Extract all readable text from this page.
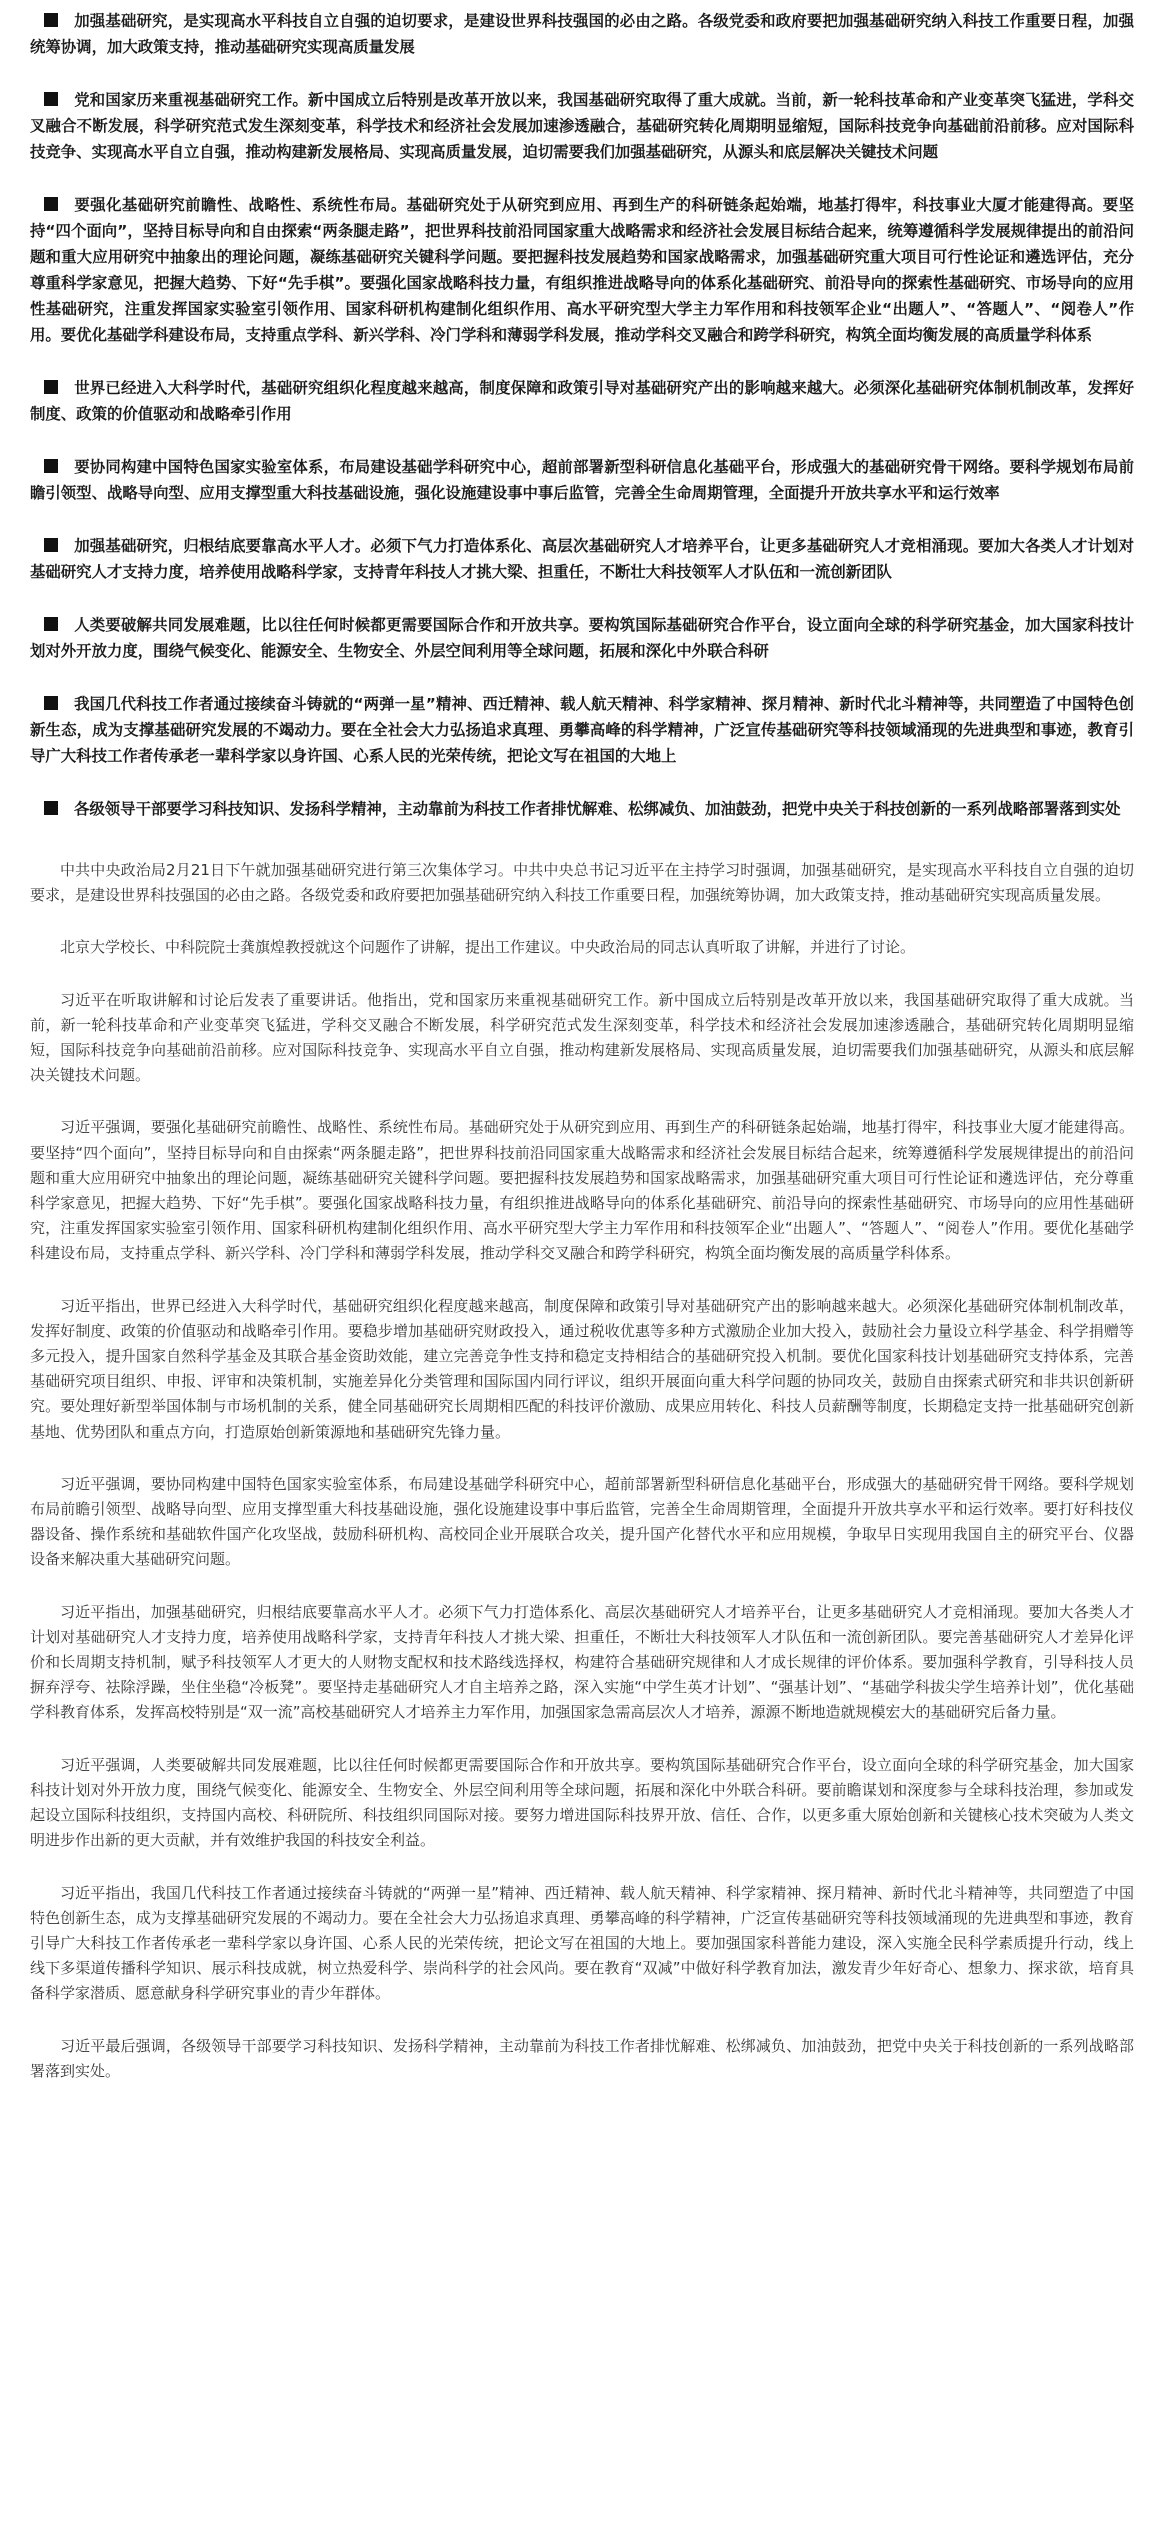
加强基础研究，是实现高水平科技自立自强的迫切要求，是建设世界科技强国的必由之路。各级党委和政府要把加强基础研究纳入科技工作重要日程，加强统筹协调，加大政策支持，推动基础研究实现高质量发展

党和国家历来重视基础研究工作。新中国成立后特别是改革开放以来，我国基础研究取得了重大成就。当前，新一轮科技革命和产业变革突飞猛进，学科交叉融合不断发展，科学研究范式发生深刻变革，科学技术和经济社会发展加速渗透融合，基础研究转化周期明显缩短，国际科技竞争向基础前沿前移。应对国际科技竞争、实现高水平自立自强，推动构建新发展格局、实现高质量发展，迫切需要我们加强基础研究，从源头和底层解决关键技术问题

要强化基础研究前瞻性、战略性、系统性布局。基础研究处于从研究到应用、再到生产的科研链条起始端，地基打得牢，科技事业大厦才能建得高。要坚持“四个面向”，坚持目标导向和自由探索“两条腿走路”，把世界科技前沿同国家重大战略需求和经济社会发展目标结合起来，统筹遵循科学发展规律提出的前沿问题和重大应用研究中抽象出的理论问题，凝练基础研究关键科学问题。要把握科技发展趋势和国家战略需求，加强基础研究重大项目可行性论证和遴选评估，充分尊重科学家意见，把握大趋势、下好“先手棋”。要强化国家战略科技力量，有组织推进战略导向的体系化基础研究、前沿导向的探索性基础研究、市场导向的应用性基础研究，注重发挥国家实验室引领作用、国家科研机构建制化组织作用、高水平研究型大学主力军作用和科技领军企业“出题人”、“答题人”、“阅卷人”作用。要优化基础学科建设布局，支持重点学科、新兴学科、冷门学科和薄弱学科发展，推动学科交叉融合和跨学科研究，构筑全面均衡发展的高质量学科体系

世界已经进入大科学时代，基础研究组织化程度越来越高，制度保障和政策引导对基础研究产出的影响越来越大。必须深化基础研究体制机制改革，发挥好制度、政策的价值驱动和战略牵引作用

要协同构建中国特色国家实验室体系，布局建设基础学科研究中心，超前部署新型科研信息化基础平台，形成强大的基础研究骨干网络。要科学规划布局前瞻引领型、战略导向型、应用支撑型重大科技基础设施，强化设施建设事中事后监管，完善全生命周期管理，全面提升开放共享水平和运行效率

加强基础研究，归根结底要靠高水平人才。必须下气力打造体系化、高层次基础研究人才培养平台，让更多基础研究人才竞相涌现。要加大各类人才计划对基础研究人才支持力度，培养使用战略科学家，支持青年科技人才挑大梁、担重任，不断壮大科技领军人才队伍和一流创新团队

人类要破解共同发展难题，比以往任何时候都更需要国际合作和开放共享。要构筑国际基础研究合作平台，设立面向全球的科学研究基金，加大国家科技计划对外开放力度，围绕气候变化、能源安全、生物安全、外层空间利用等全球问题，拓展和深化中外联合科研

我国几代科技工作者通过接续奋斗铸就的“两弹一星”精神、西迁精神、载人航天精神、科学家精神、探月精神、新时代北斗精神等，共同塑造了中国特色创新生态，成为支撑基础研究发展的不竭动力。要在全社会大力弘扬追求真理、勇攀高峰的科学精神，广泛宣传基础研究等科技领域涌现的先进典型和事迹，教育引导广大科技工作者传承老一辈科学家以身许国、心系人民的光荣传统，把论文写在祖国的大地上

各级领导干部要学习科技知识、发扬科学精神，主动靠前为科技工作者排忧解难、松绑减负、加油鼓劲，把党中央关于科技创新的一系列战略部署落到实处

中共中央政治局2月21日下午就加强基础研究进行第三次集体学习。中共中央总书记习近平在主持学习时强调，加强基础研究，是实现高水平科技自立自强的迫切要求，是建设世界科技强国的必由之路。各级党委和政府要把加强基础研究纳入科技工作重要日程，加强统筹协调，加大政策支持，推动基础研究实现高质量发展。

北京大学校长、中科院院士龚旗煌教授就这个问题作了讲解，提出工作建议。中央政治局的同志认真听取了讲解，并进行了讨论。

习近平在听取讲解和讨论后发表了重要讲话。他指出，党和国家历来重视基础研究工作。新中国成立后特别是改革开放以来，我国基础研究取得了重大成就。当前，新一轮科技革命和产业变革突飞猛进，学科交叉融合不断发展，科学研究范式发生深刻变革，科学技术和经济社会发展加速渗透融合，基础研究转化周期明显缩短，国际科技竞争向基础前沿前移。应对国际科技竞争、实现高水平自立自强，推动构建新发展格局、实现高质量发展，迫切需要我们加强基础研究，从源头和底层解决关键技术问题。

习近平强调，要强化基础研究前瞻性、战略性、系统性布局。基础研究处于从研究到应用、再到生产的科研链条起始端，地基打得牢，科技事业大厦才能建得高。要坚持“四个面向”，坚持目标导向和自由探索“两条腿走路”，把世界科技前沿同国家重大战略需求和经济社会发展目标结合起来，统筹遵循科学发展规律提出的前沿问题和重大应用研究中抽象出的理论问题，凝练基础研究关键科学问题。要把握科技发展趋势和国家战略需求，加强基础研究重大项目可行性论证和遴选评估，充分尊重科学家意见，把握大趋势、下好“先手棋”。要强化国家战略科技力量，有组织推进战略导向的体系化基础研究、前沿导向的探索性基础研究、市场导向的应用性基础研究，注重发挥国家实验室引领作用、国家科研机构建制化组织作用、高水平研究型大学主力军作用和科技领军企业“出题人”、“答题人”、“阅卷人”作用。要优化基础学科建设布局，支持重点学科、新兴学科、冷门学科和薄弱学科发展，推动学科交叉融合和跨学科研究，构筑全面均衡发展的高质量学科体系。

习近平指出，世界已经进入大科学时代，基础研究组织化程度越来越高，制度保障和政策引导对基础研究产出的影响越来越大。必须深化基础研究体制机制改革，发挥好制度、政策的价值驱动和战略牵引作用。要稳步增加基础研究财政投入，通过税收优惠等多种方式激励企业加大投入，鼓励社会力量设立科学基金、科学捐赠等多元投入，提升国家自然科学基金及其联合基金资助效能，建立完善竞争性支持和稳定支持相结合的基础研究投入机制。要优化国家科技计划基础研究支持体系，完善基础研究项目组织、申报、评审和决策机制，实施差异化分类管理和国际国内同行评议，组织开展面向重大科学问题的协同攻关，鼓励自由探索式研究和非共识创新研究。要处理好新型举国体制与市场机制的关系，健全同基础研究长周期相匹配的科技评价激励、成果应用转化、科技人员薪酬等制度，长期稳定支持一批基础研究创新基地、优势团队和重点方向，打造原始创新策源地和基础研究先锋力量。

习近平强调，要协同构建中国特色国家实验室体系，布局建设基础学科研究中心，超前部署新型科研信息化基础平台，形成强大的基础研究骨干网络。要科学规划布局前瞻引领型、战略导向型、应用支撑型重大科技基础设施，强化设施建设事中事后监管，完善全生命周期管理，全面提升开放共享水平和运行效率。要打好科技仪器设备、操作系统和基础软件国产化攻坚战，鼓励科研机构、高校同企业开展联合攻关，提升国产化替代水平和应用规模，争取早日实现用我国自主的研究平台、仪器设备来解决重大基础研究问题。

习近平指出，加强基础研究，归根结底要靠高水平人才。必须下气力打造体系化、高层次基础研究人才培养平台，让更多基础研究人才竞相涌现。要加大各类人才计划对基础研究人才支持力度，培养使用战略科学家，支持青年科技人才挑大梁、担重任，不断壮大科技领军人才队伍和一流创新团队。要完善基础研究人才差异化评价和长周期支持机制，赋予科技领军人才更大的人财物支配权和技术路线选择权，构建符合基础研究规律和人才成长规律的评价体系。要加强科学教育，引导科技人员摒弃浮夸、祛除浮躁，坐住坐稳“冷板凳”。要坚持走基础研究人才自主培养之路，深入实施“中学生英才计划”、“强基计划”、“基础学科拔尖学生培养计划”，优化基础学科教育体系，发挥高校特别是“双一流”高校基础研究人才培养主力军作用，加强国家急需高层次人才培养，源源不断地造就规模宏大的基础研究后备力量。

习近平强调，人类要破解共同发展难题，比以往任何时候都更需要国际合作和开放共享。要构筑国际基础研究合作平台，设立面向全球的科学研究基金，加大国家科技计划对外开放力度，围绕气候变化、能源安全、生物安全、外层空间利用等全球问题，拓展和深化中外联合科研。要前瞻谋划和深度参与全球科技治理，参加或发起设立国际科技组织，支持国内高校、科研院所、科技组织同国际对接。要努力增进国际科技界开放、信任、合作，以更多重大原始创新和关键核心技术突破为人类文明进步作出新的更大贡献，并有效维护我国的科技安全利益。

习近平指出，我国几代科技工作者通过接续奋斗铸就的“两弹一星”精神、西迁精神、载人航天精神、科学家精神、探月精神、新时代北斗精神等，共同塑造了中国特色创新生态，成为支撑基础研究发展的不竭动力。要在全社会大力弘扬追求真理、勇攀高峰的科学精神，广泛宣传基础研究等科技领域涌现的先进典型和事迹，教育引导广大科技工作者传承老一辈科学家以身许国、心系人民的光荣传统，把论文写在祖国的大地上。要加强国家科普能力建设，深入实施全民科学素质提升行动，线上线下多渠道传播科学知识、展示科技成就，树立热爱科学、崇尚科学的社会风尚。要在教育“双减”中做好科学教育加法，激发青少年好奇心、想象力、探求欲，培育具备科学家潜质、愿意献身科学研究事业的青少年群体。

习近平最后强调，各级领导干部要学习科技知识、发扬科学精神，主动靠前为科技工作者排忧解难、松绑减负、加油鼓劲，把党中央关于科技创新的一系列战略部署落到实处。
